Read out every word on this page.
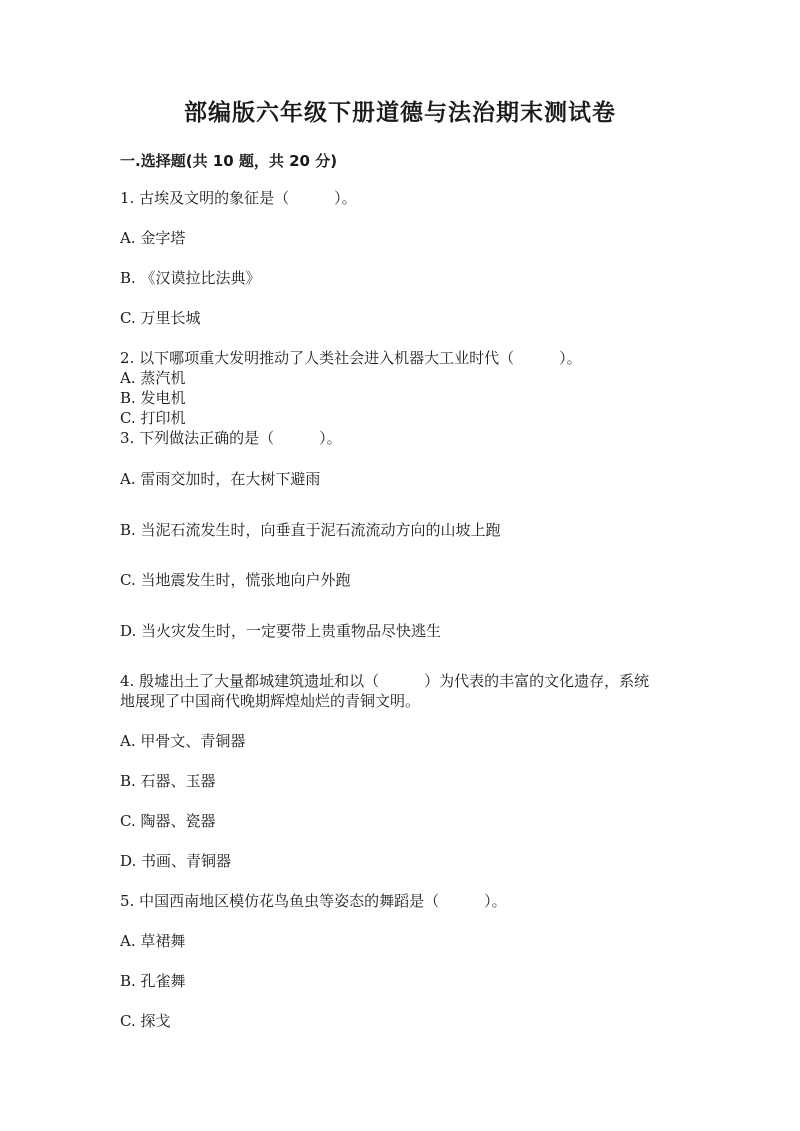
部编版六年级下册道德与法治期末测试卷
一.选择题(共 10 题，共 20 分)
1. 古埃及文明的象征是（　　　）。
A. 金字塔
B. 《汉谟拉比法典》
C. 万里长城
2. 以下哪项重大发明推动了人类社会进入机器大工业时代（　　　）。
A. 蒸汽机
B. 发电机
C. 打印机
3. 下列做法正确的是（　　　）。
A. 雷雨交加时，在大树下避雨
B. 当泥石流发生时，向垂直于泥石流流动方向的山坡上跑
C. 当地震发生时，慌张地向户外跑
D. 当火灾发生时，一定要带上贵重物品尽快逃生
4. 殷墟出土了大量都城建筑遗址和以（　　　）为代表的丰富的文化遗存，系统
地展现了中国商代晚期辉煌灿烂的青铜文明。
A. 甲骨文、青铜器
B. 石器、玉器
C. 陶器、瓷器
D. 书画、青铜器
5. 中国西南地区模仿花鸟鱼虫等姿态的舞蹈是（　　　）。
A. 草裙舞
B. 孔雀舞
C. 探戈
